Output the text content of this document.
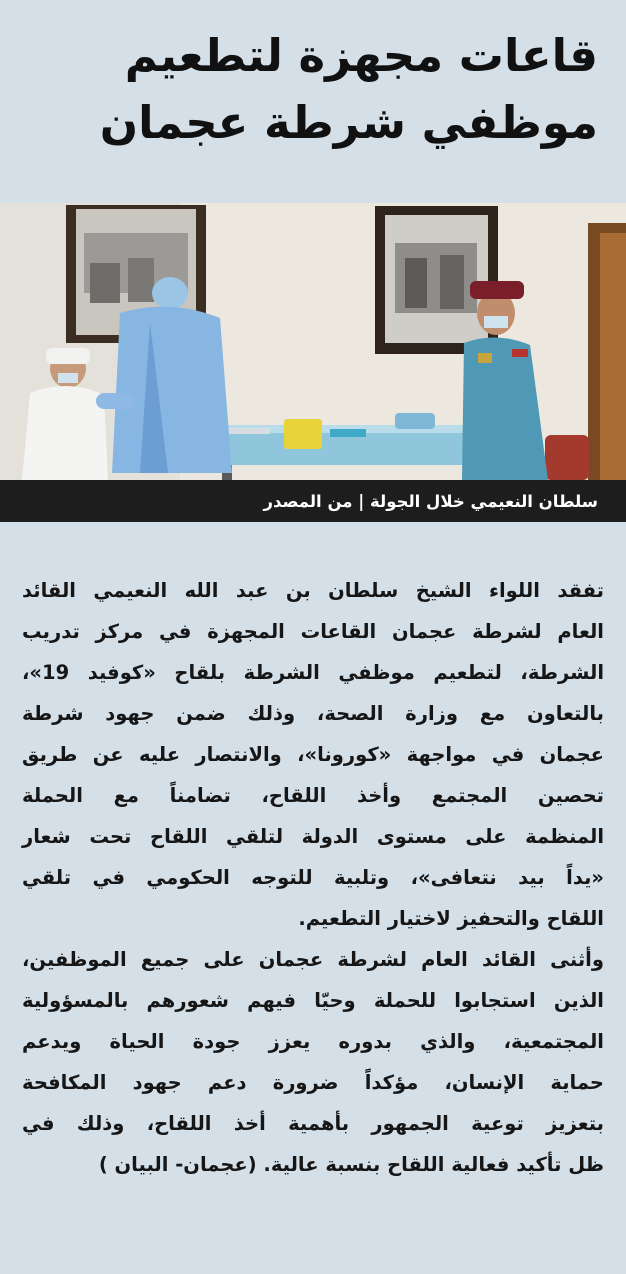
قاعات مجهزة لتطعيم
موظفي شرطة عجمان
سلطان النعيمي خلال الجولة | من المصدر
تفقد اللواء الشيخ سلطان بن عبد الله النعيمي القائد
العام لشرطة عجمان القاعات المجهزة في مركز تدريب
الشرطة، لتطعيم موظفي الشرطة بلقاح «كوفيد 19»،
بالتعاون مع وزارة الصحة، وذلك ضمن جهود شرطة
عجمان في مواجهة «كورونا»، والانتصار عليه عن طريق
تحصين المجتمع وأخذ اللقاح، تضامناً مع الحملة
المنظمة على مستوى الدولة لتلقي اللقاح تحت شعار
«يداً بيد نتعافى»، وتلبية للتوجه الحكومي في تلقي
اللقاح والتحفيز لاختيار التطعيم.
وأثنى القائد العام لشرطة عجمان على جميع الموظفين،
الذين استجابوا للحملة وحيّا فيهم شعورهم بالمسؤولية
المجتمعية، والذي بدوره يعزز جودة الحياة ويدعم
حماية الإنسان، مؤكداً ضرورة دعم جهود المكافحة
بتعزيز توعية الجمهور بأهمية أخذ اللقاح، وذلك في
ظل تأكيد فعالية اللقاح بنسبة عالية. (عجمان- البيان )
